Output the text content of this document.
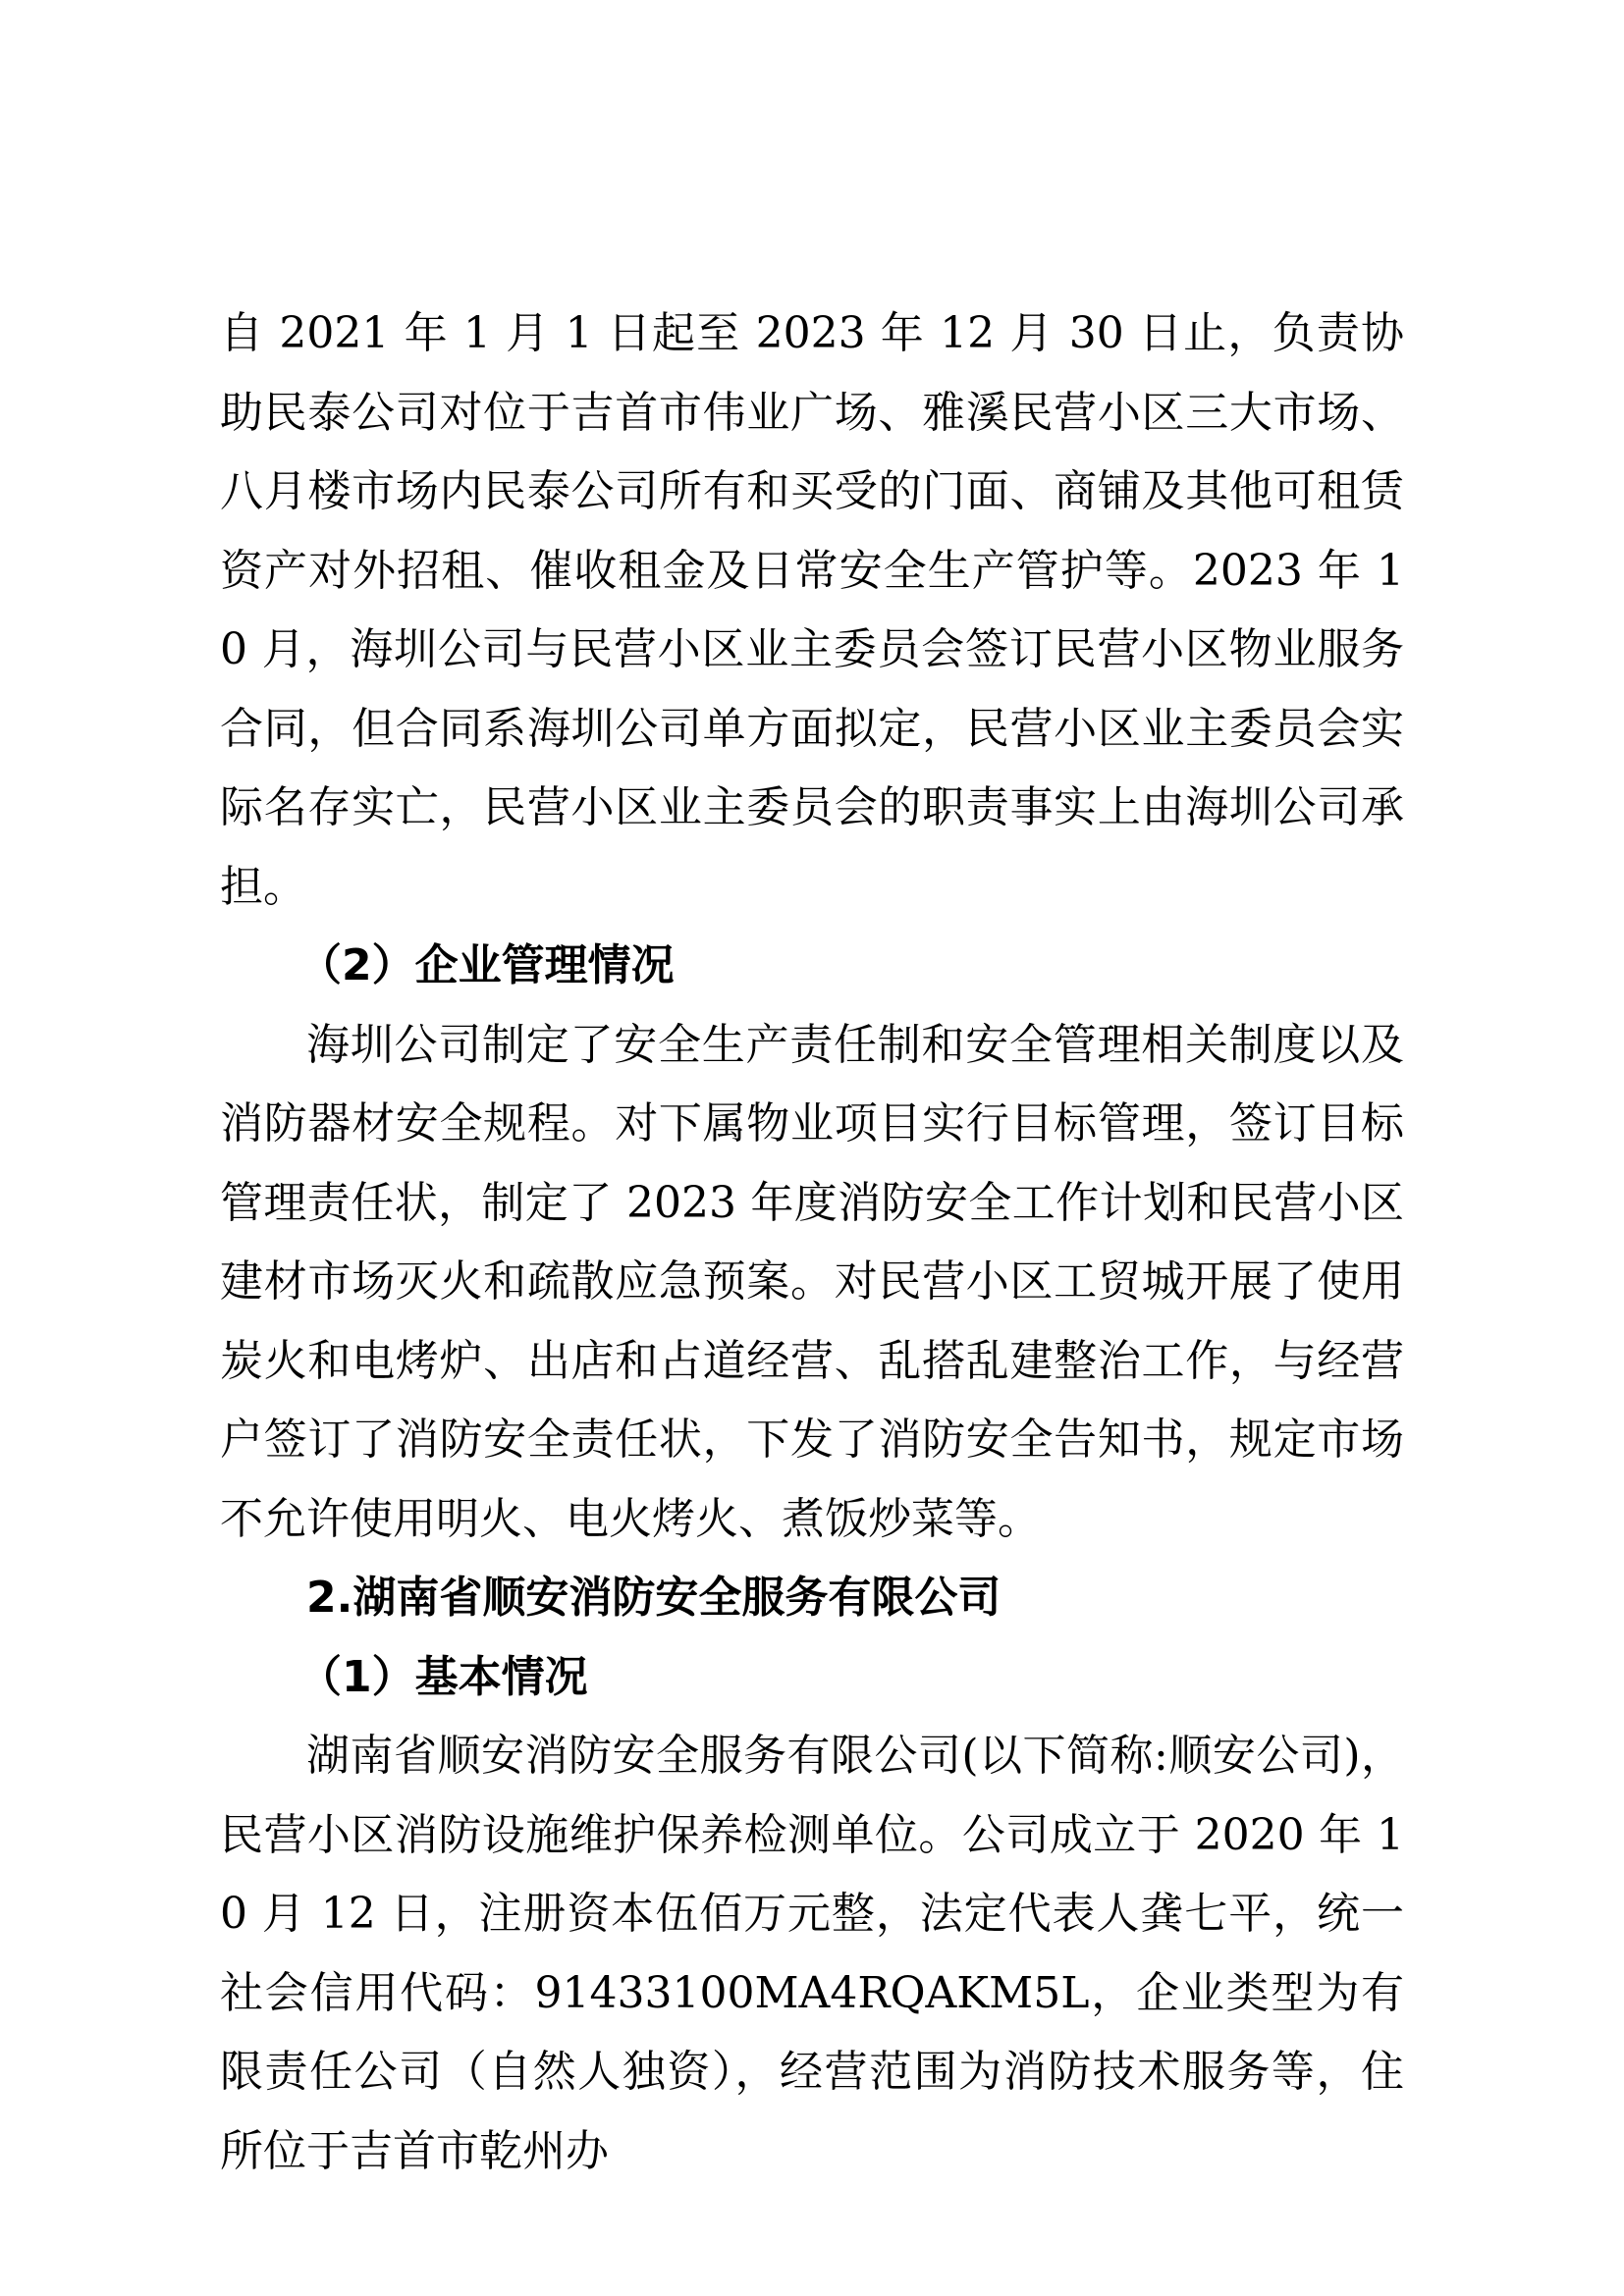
自 2021 年 1 月 1 日起至 2023 年 12 月 30 日止，负责协助民泰公司对位于吉首市伟业广场、雅溪民营小区三大市场、八月楼市场内民泰公司所有和买受的门面、商铺及其他可租赁资产对外招租、催收租金及日常安全生产管护等。2023 年 10 月，海圳公司与民营小区业主委员会签订民营小区物业服务合同，但合同系海圳公司单方面拟定，民营小区业主委员会实际名存实亡，民营小区业主委员会的职责事实上由海圳公司承担。

（2）企业管理情况

海圳公司制定了安全生产责任制和安全管理相关制度以及消防器材安全规程。对下属物业项目实行目标管理，签订目标管理责任状，制定了 2023 年度消防安全工作计划和民营小区建材市场灭火和疏散应急预案。对民营小区工贸城开展了使用炭火和电烤炉、出店和占道经营、乱搭乱建整治工作，与经营户签订了消防安全责任状，下发了消防安全告知书，规定市场不允许使用明火、电火烤火、煮饭炒菜等。

2.湖南省顺安消防安全服务有限公司

（1）基本情况

湖南省顺安消防安全服务有限公司(以下简称:顺安公司)，民营小区消防设施维护保养检测单位。公司成立于 2020 年 10 月 12 日，注册资本伍佰万元整，法定代表人龚七平，统一社会信用代码：91433100MA4RQAKM5L，企业类型为有限责任公司（自然人独资），经营范围为消防技术服务等，住所位于吉首市乾州办
